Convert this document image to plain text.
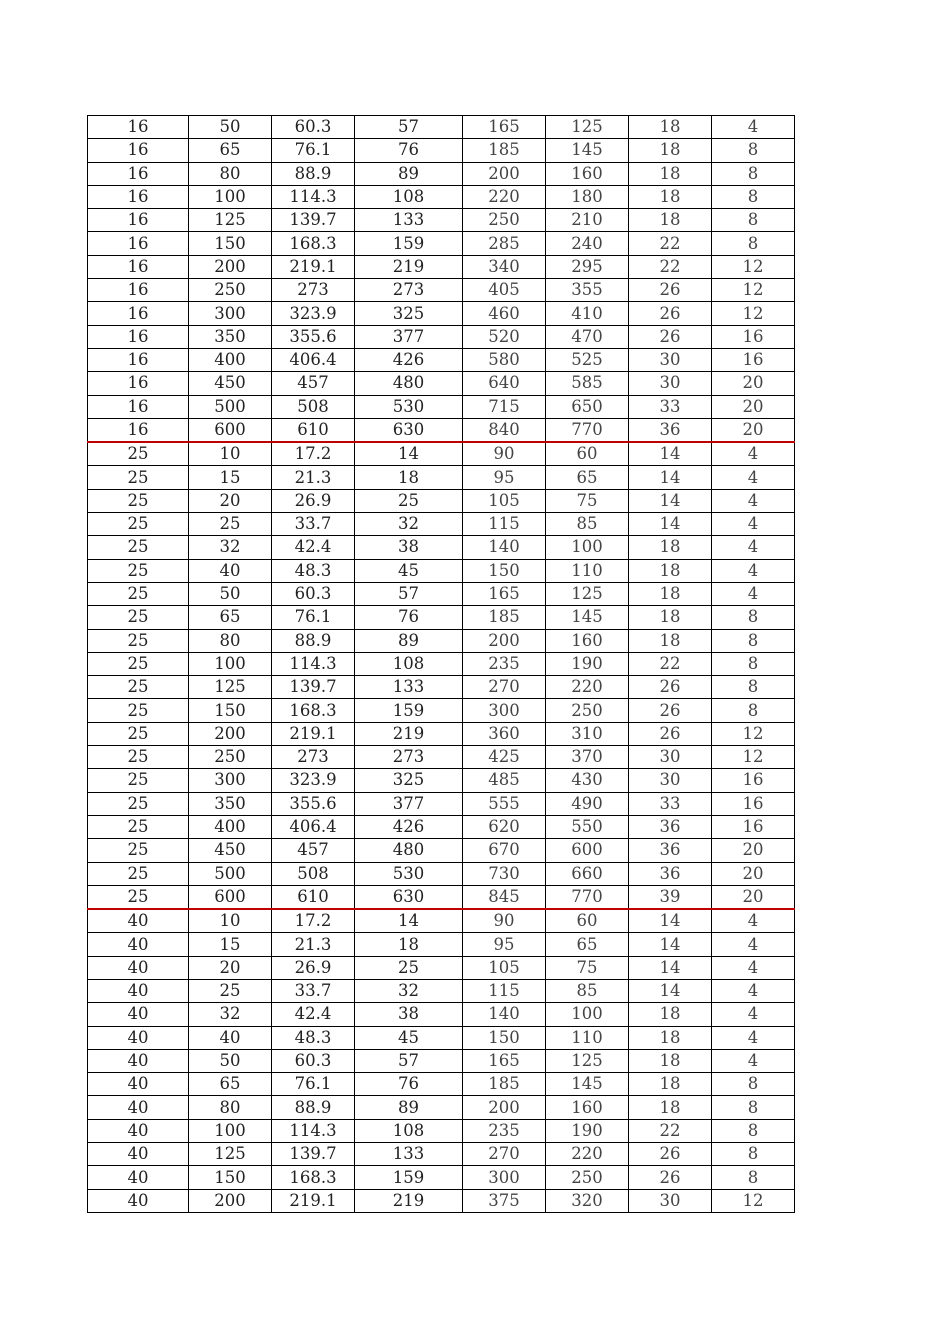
16	50	60.3	57	165	125	18	4
16	65	76.1	76	185	145	18	8
16	80	88.9	89	200	160	18	8
16	100	114.3	108	220	180	18	8
16	125	139.7	133	250	210	18	8
16	150	168.3	159	285	240	22	8
16	200	219.1	219	340	295	22	12
16	250	273	273	405	355	26	12
16	300	323.9	325	460	410	26	12
16	350	355.6	377	520	470	26	16
16	400	406.4	426	580	525	30	16
16	450	457	480	640	585	30	20
16	500	508	530	715	650	33	20
16	600	610	630	840	770	36	20
25	10	17.2	14	90	60	14	4
25	15	21.3	18	95	65	14	4
25	20	26.9	25	105	75	14	4
25	25	33.7	32	115	85	14	4
25	32	42.4	38	140	100	18	4
25	40	48.3	45	150	110	18	4
25	50	60.3	57	165	125	18	4
25	65	76.1	76	185	145	18	8
25	80	88.9	89	200	160	18	8
25	100	114.3	108	235	190	22	8
25	125	139.7	133	270	220	26	8
25	150	168.3	159	300	250	26	8
25	200	219.1	219	360	310	26	12
25	250	273	273	425	370	30	12
25	300	323.9	325	485	430	30	16
25	350	355.6	377	555	490	33	16
25	400	406.4	426	620	550	36	16
25	450	457	480	670	600	36	20
25	500	508	530	730	660	36	20
25	600	610	630	845	770	39	20
40	10	17.2	14	90	60	14	4
40	15	21.3	18	95	65	14	4
40	20	26.9	25	105	75	14	4
40	25	33.7	32	115	85	14	4
40	32	42.4	38	140	100	18	4
40	40	48.3	45	150	110	18	4
40	50	60.3	57	165	125	18	4
40	65	76.1	76	185	145	18	8
40	80	88.9	89	200	160	18	8
40	100	114.3	108	235	190	22	8
40	125	139.7	133	270	220	26	8
40	150	168.3	159	300	250	26	8
40	200	219.1	219	375	320	30	12
